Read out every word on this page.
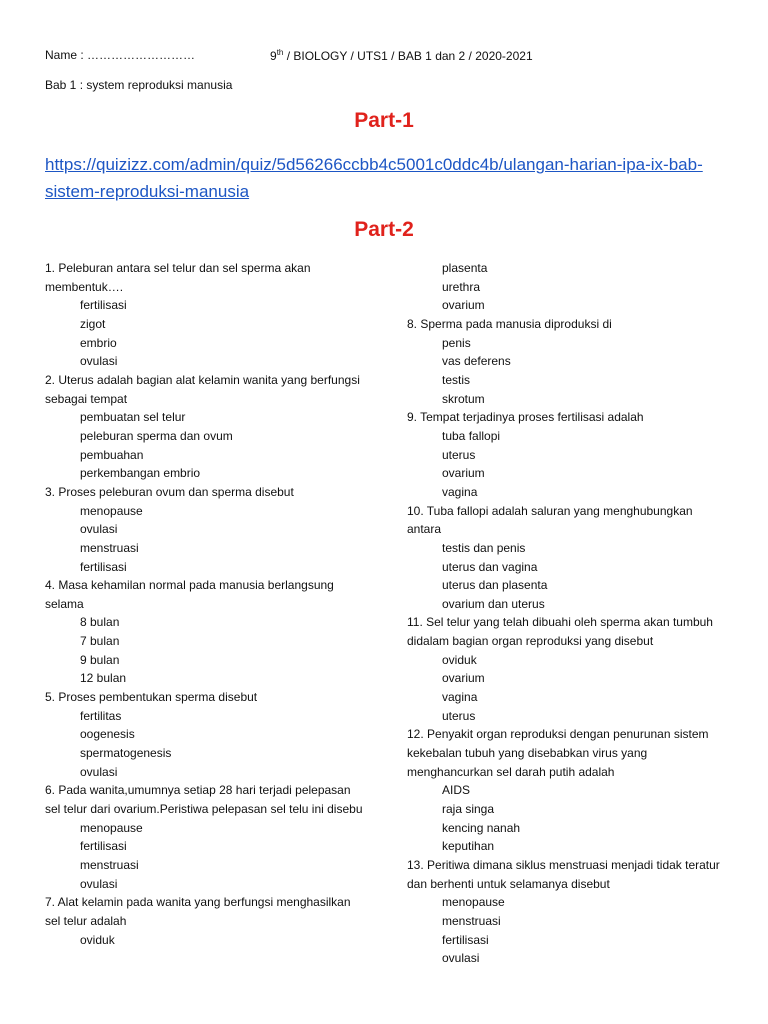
Name : ………………………	9th / BIOLOGY / UTS1 / BAB 1 dan 2 / 2020-2021
Bab 1 : system reproduksi manusia
Part-1
https://quizizz.com/admin/quiz/5d56266ccbb4c5001c0ddc4b/ulangan-harian-ipa-ix-bab-sistem-reproduksi-manusia
Part-2
1. Peleburan antara sel telur dan sel sperma akan membentuk….
fertilisasi
zigot
embrio
ovulasi
2. Uterus adalah bagian alat kelamin wanita yang berfungsi sebagai tempat
pembuatan sel telur
peleburan sperma dan ovum
pembuahan
perkembangan embrio
3. Proses peleburan ovum dan sperma disebut
menopause
ovulasi
menstruasi
fertilisasi
4. Masa kehamilan normal pada manusia berlangsung selama
8 bulan
7 bulan
9 bulan
12 bulan
5. Proses pembentukan sperma disebut
fertilitas
oogenesis
spermatogenesis
ovulasi
6. Pada wanita,umumnya setiap 28 hari terjadi pelepasan sel telur dari ovarium.Peristiwa pelepasan sel telu ini disebu
menopause
fertilisasi
menstruasi
ovulasi
7. Alat kelamin pada wanita yang berfungsi menghasilkan sel telur adalah
oviduk
plasenta
urethra
ovarium
8. Sperma pada manusia diproduksi di
penis
vas deferens
testis
skrotum
9. Tempat terjadinya proses fertilisasi adalah
tuba fallopi
uterus
ovarium
vagina
10. Tuba fallopi adalah saluran yang menghubungkan antara
testis dan penis
uterus dan vagina
uterus dan plasenta
ovarium dan uterus
11. Sel telur yang telah dibuahi oleh sperma akan tumbuh didalam bagian organ reproduksi yang disebut
oviduk
ovarium
vagina
uterus
12. Penyakit organ reproduksi dengan penurunan sistem kekebalan tubuh yang disebabkan virus yang menghancurkan sel darah putih adalah
AIDS
raja singa
kencing nanah
keputihan
13. Peritiwa dimana siklus menstruasi menjadi tidak teratur dan berhenti untuk selamanya disebut
menopause
menstruasi
fertilisasi
ovulasi
